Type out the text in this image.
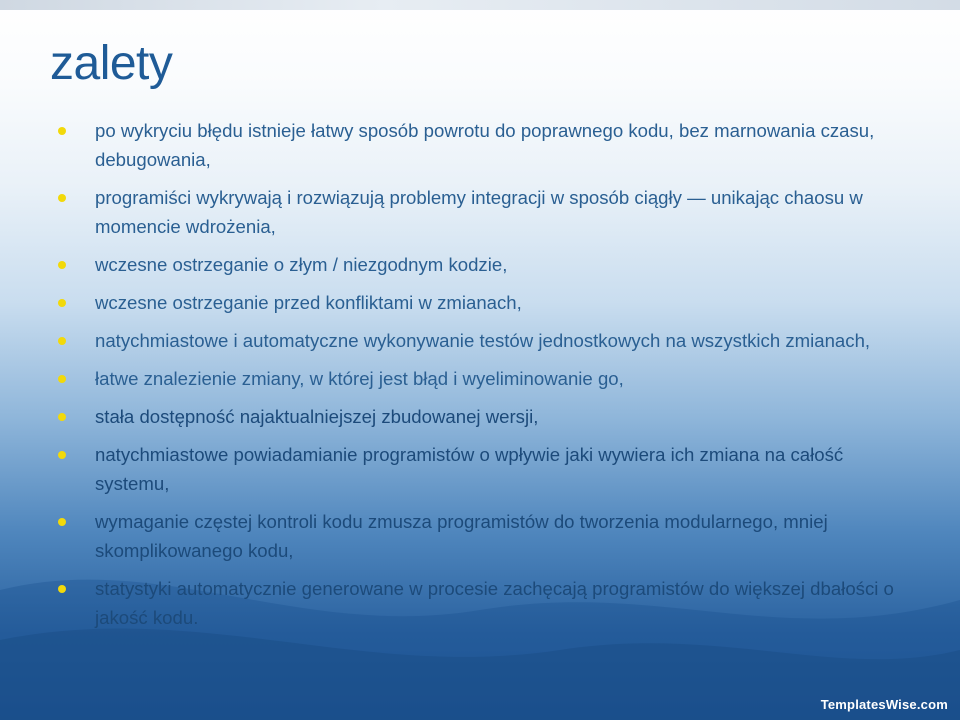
zalety
po wykryciu błędu istnieje łatwy sposób powrotu do poprawnego kodu, bez marnowania czasu, debugowania,
programiści wykrywają i rozwiązują problemy integracji w sposób ciągły — unikając chaosu w momencie wdrożenia,
wczesne ostrzeganie o złym / niezgodnym kodzie,
wczesne ostrzeganie przed konfliktami w zmianach,
natychmiastowe i automatyczne wykonywanie testów jednostkowych na wszystkich zmianach,
łatwe znalezienie zmiany, w której jest błąd i wyeliminowanie go,
stała dostępność najaktualniejszej zbudowanej wersji,
natychmiastowe powiadamianie programistów o wpływie jaki wywiera ich zmiana na całość systemu,
wymaganie częstej kontroli kodu zmusza programistów do tworzenia modularnego, mniej skomplikowanego kodu,
statystyki automatycznie generowane w procesie zachęcają programistów do większej dbałości o jakość kodu.
TemplatesWise.com
